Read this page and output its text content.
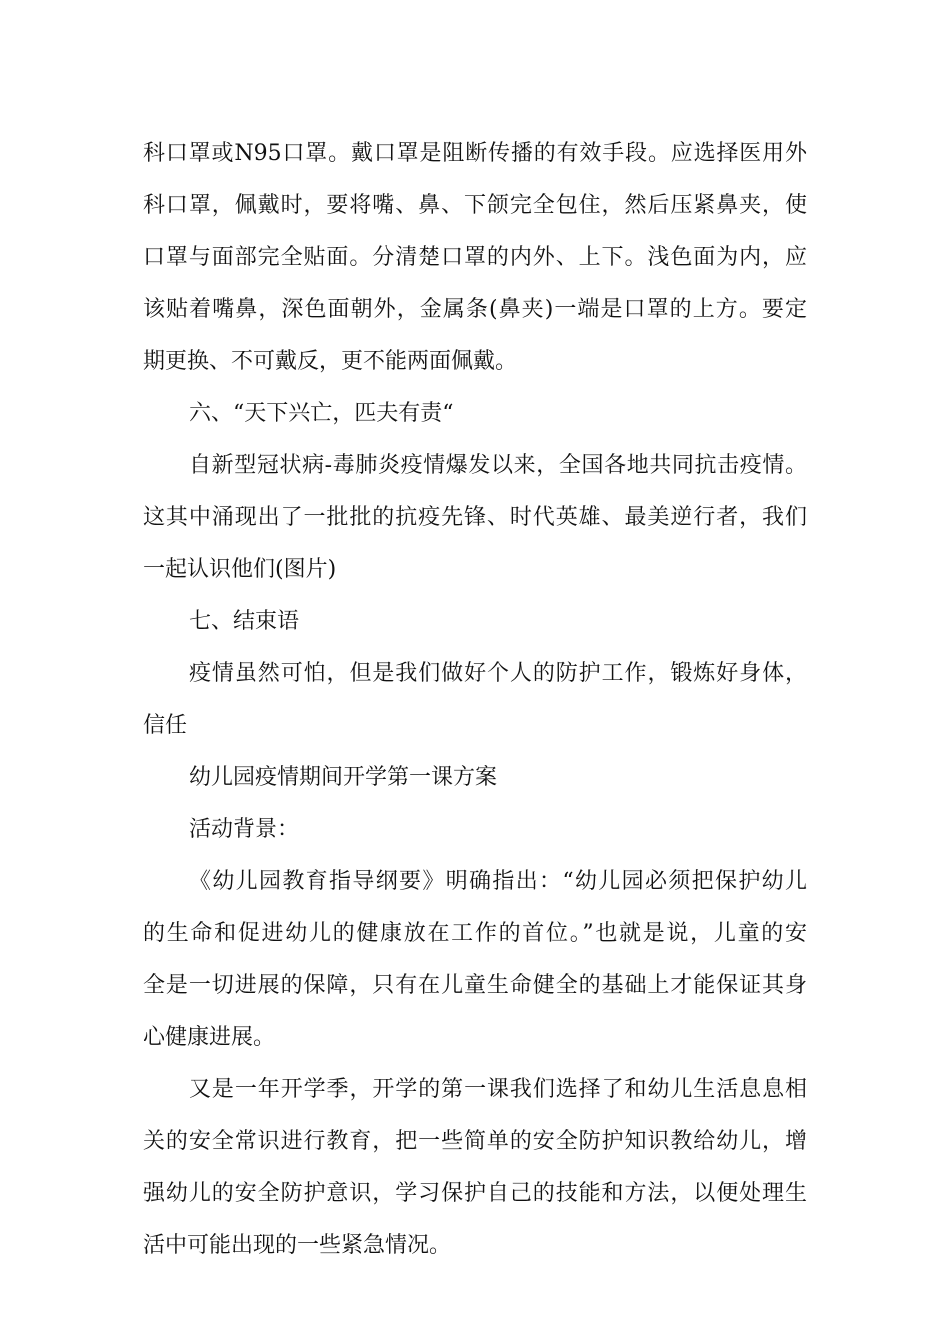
科口罩或N95口罩。戴口罩是阻断传播的有效手段。应选择医用外
科口罩，佩戴时，要将嘴、鼻、下颌完全包住，然后压紧鼻夹，使
口罩与面部完全贴面。分清楚口罩的内外、上下。浅色面为内，应
该贴着嘴鼻，深色面朝外，金属条(鼻夹)一端是口罩的上方。要定
期更换、不可戴反，更不能两面佩戴。
六、“天下兴亡，匹夫有责“
自新型冠状病-毒肺炎疫情爆发以来，全国各地共同抗击疫情。
这其中涌现出了一批批的抗疫先锋、时代英雄、最美逆行者，我们
一起认识他们(图片)
七、结束语
疫情虽然可怕，但是我们做好个人的防护工作，锻炼好身体，
信任
幼儿园疫情期间开学第一课方案
活动背景：
《幼儿园教育指导纲要》明确指出：“幼儿园必须把保护幼儿
的生命和促进幼儿的健康放在工作的首位。”也就是说，儿童的安
全是一切进展的保障，只有在儿童生命健全的基础上才能保证其身
心健康进展。
又是一年开学季，开学的第一课我们选择了和幼儿生活息息相
关的安全常识进行教育，把一些简单的安全防护知识教给幼儿，增
强幼儿的安全防护意识，学习保护自己的技能和方法，以便处理生
活中可能出现的一些紧急情况。
